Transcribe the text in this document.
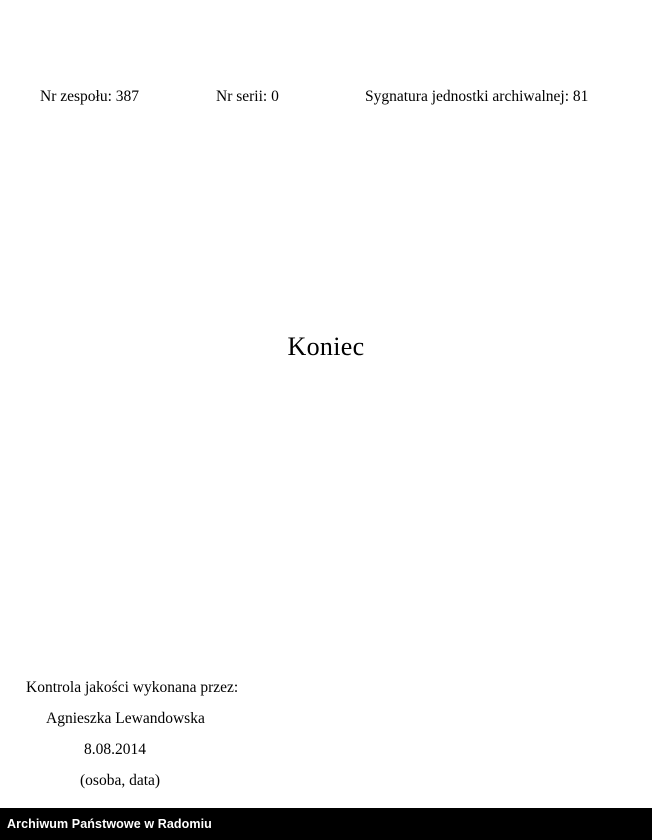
Nr zespołu: 387	Nr serii: 0	Sygnatura jednostki archiwalnej: 81
Koniec
Kontrola jakości wykonana przez:
Agnieszka Lewandowska
8.08.2014
(osoba, data)
Archiwum Państwowe w Radomiu
